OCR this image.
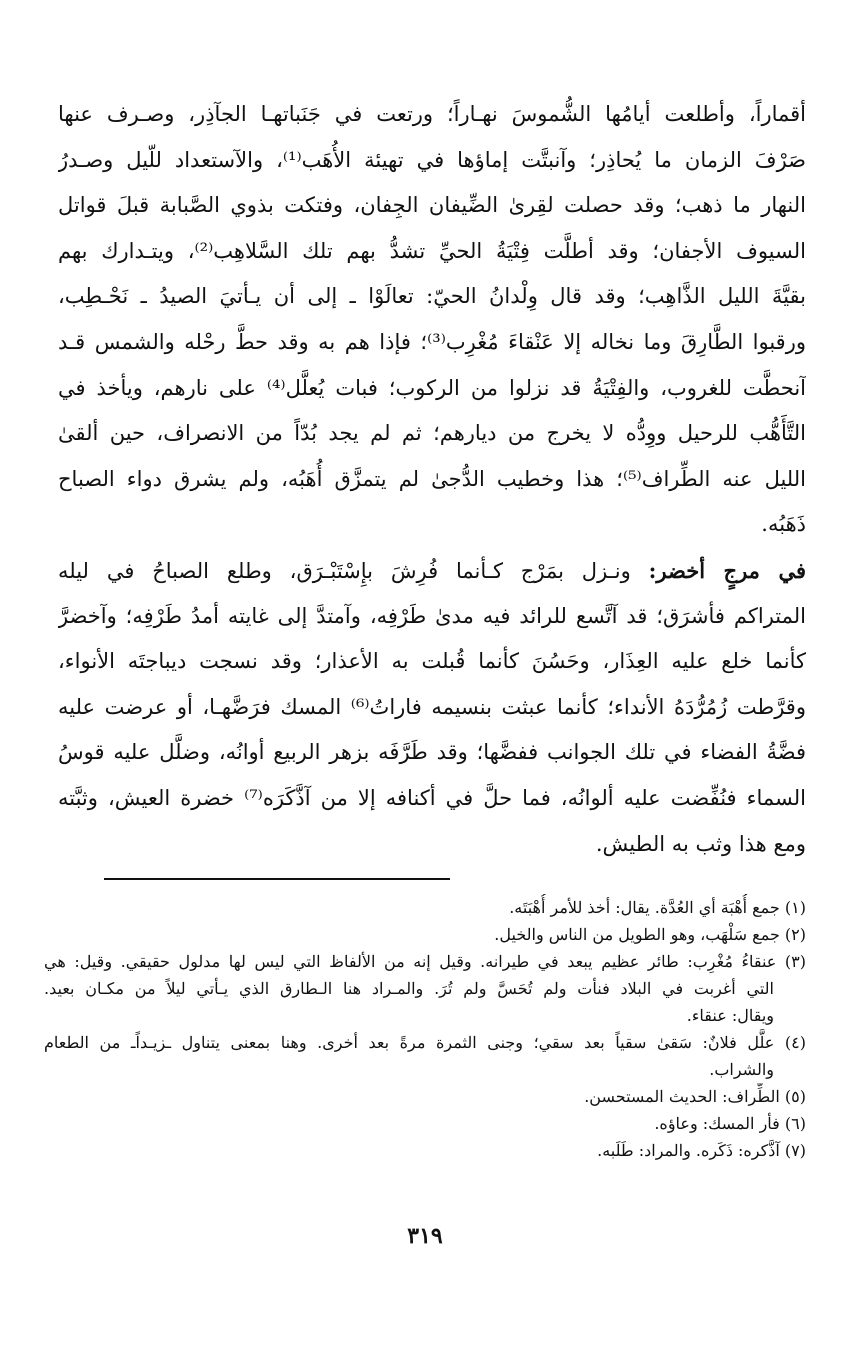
أقماراً، وأطلعت أيامُها الشُّموسَ نهـاراً؛ ورتعت في جَنَباتهـا الجآذِر، وصـرف عنها
صَرْفَ الزمان ما يُحاذِر؛ وآنبتَّت إماؤها في تهيئة الأُهَب⁽¹⁾، والآستعداد للّيل وصـدرُ
النهار ما ذهب؛ وقد حصلت لقِرىٰ الضِّيفان الجِفان، وفتكت بذوي الصَّبابة قبلَ قواتل
السيوف الأجفان؛ وقد أطلَّت فِتْيَةُ الحيِّ تشدُّ بهم تلك السَّلاهِب⁽²⁾، ويتـدارك بهم
بقيَّةَ الليل الذَّاهِب؛ وقد قال وِلْدانُ الحيّ: تعالَوْا ـ إلى أن يـأتيَ الصيدُ ـ نَحْـطِب،
ورقبوا الطَّارِقَ وما نخاله إلا عَنْقاءَ مُغْرِب⁽³⁾؛ فإذا هم به وقد حطَّ رحْله والشمس قـد
آنحطَّت للغروب، والفِتْيَةُ قد نزلوا من الركوب؛ فبات يُعلَّل⁽⁴⁾ على نارهم، ويأخذ في
التَّأَهُّب للرحيل ووِدُّه لا يخرج من ديارهم؛ ثم لم يجد بُدّاً من الانصراف، حين ألقىٰ
الليل عنه الطِّراف⁽⁵⁾؛ هذا وخطيب الدُّجىٰ لم يتمزَّق أُهَبُه، ولم يشرق دواء الصباح
ذَهَبُه.
في مرجٍ أخضر: ونـزل بمَرْج كـأنما فُرِشَ بإِسْتَبْـرَق، وطلع الصباحُ في ليله
المتراكم فأشرَق؛ قد آتَّسع للرائد فيه مدىٰ طَرْفِه، وآمتدَّ إلى غايته أمدُ طَرْفِه؛ وآخضرَّ
كأنما خلع عليه العِذَار، وحَسُنَ كأنما قُبلت به الأعذار؛ وقد نسجت ديباجتَه الأنواء،
وقرَّطت زُمُرُّدَهُ الأنداء؛ كأنما عبثت بنسيمه فاراتُ⁽⁶⁾ المسك فرَضَّهـا، أو عرضت عليه
فضَّةُ الفضاء في تلك الجوانب ففضَّها؛ وقد طَرَّفَه بزهر الربيع أوانُه، وضلَّل عليه قوسُ
السماء فنُفِّضت عليه ألوانُه، فما حلَّ في أكنافه إلا من آذَّكَرَه⁽⁷⁾ خضرة العيش، وثبَّته
ومع هذا وثب به الطيش.
(١) جمع أُهْبَة أي العُدَّة. يقال: أخذ للأمر أُهْبَتَه.
(٢) جمع سَلْهَب، وهو الطويل من الناس والخيل.
(٣) عنقاءُ مُغْرِب: طائر عظيم يبعد في طيرانه. وقيل إنه من الألفاظ التي ليس لها مدلول حقيقي. وقيل: هي
التي أغربت في البلاد فنأت ولم تُحَسَّ ولم تُرَ. والمـراد هنا الـطارق الذي يـأتي ليلاً من مكـان بعيد.
ويقال: عنقاء.
(٤) علَّل فلانٌ: سَقىٰ سقياً بعد سقي؛ وجنى الثمرة مرةً بعد أخرى. وهنا بمعنى يتناول ـزيـداًـ من الطعام
والشراب.
(٥) الطِّراف: الحديث المستحسن.
(٦) فأر المسك: وعاؤه.
(٧) آذَّكره: ذَكَره. والمراد: طَلَبه.
٣١٩
